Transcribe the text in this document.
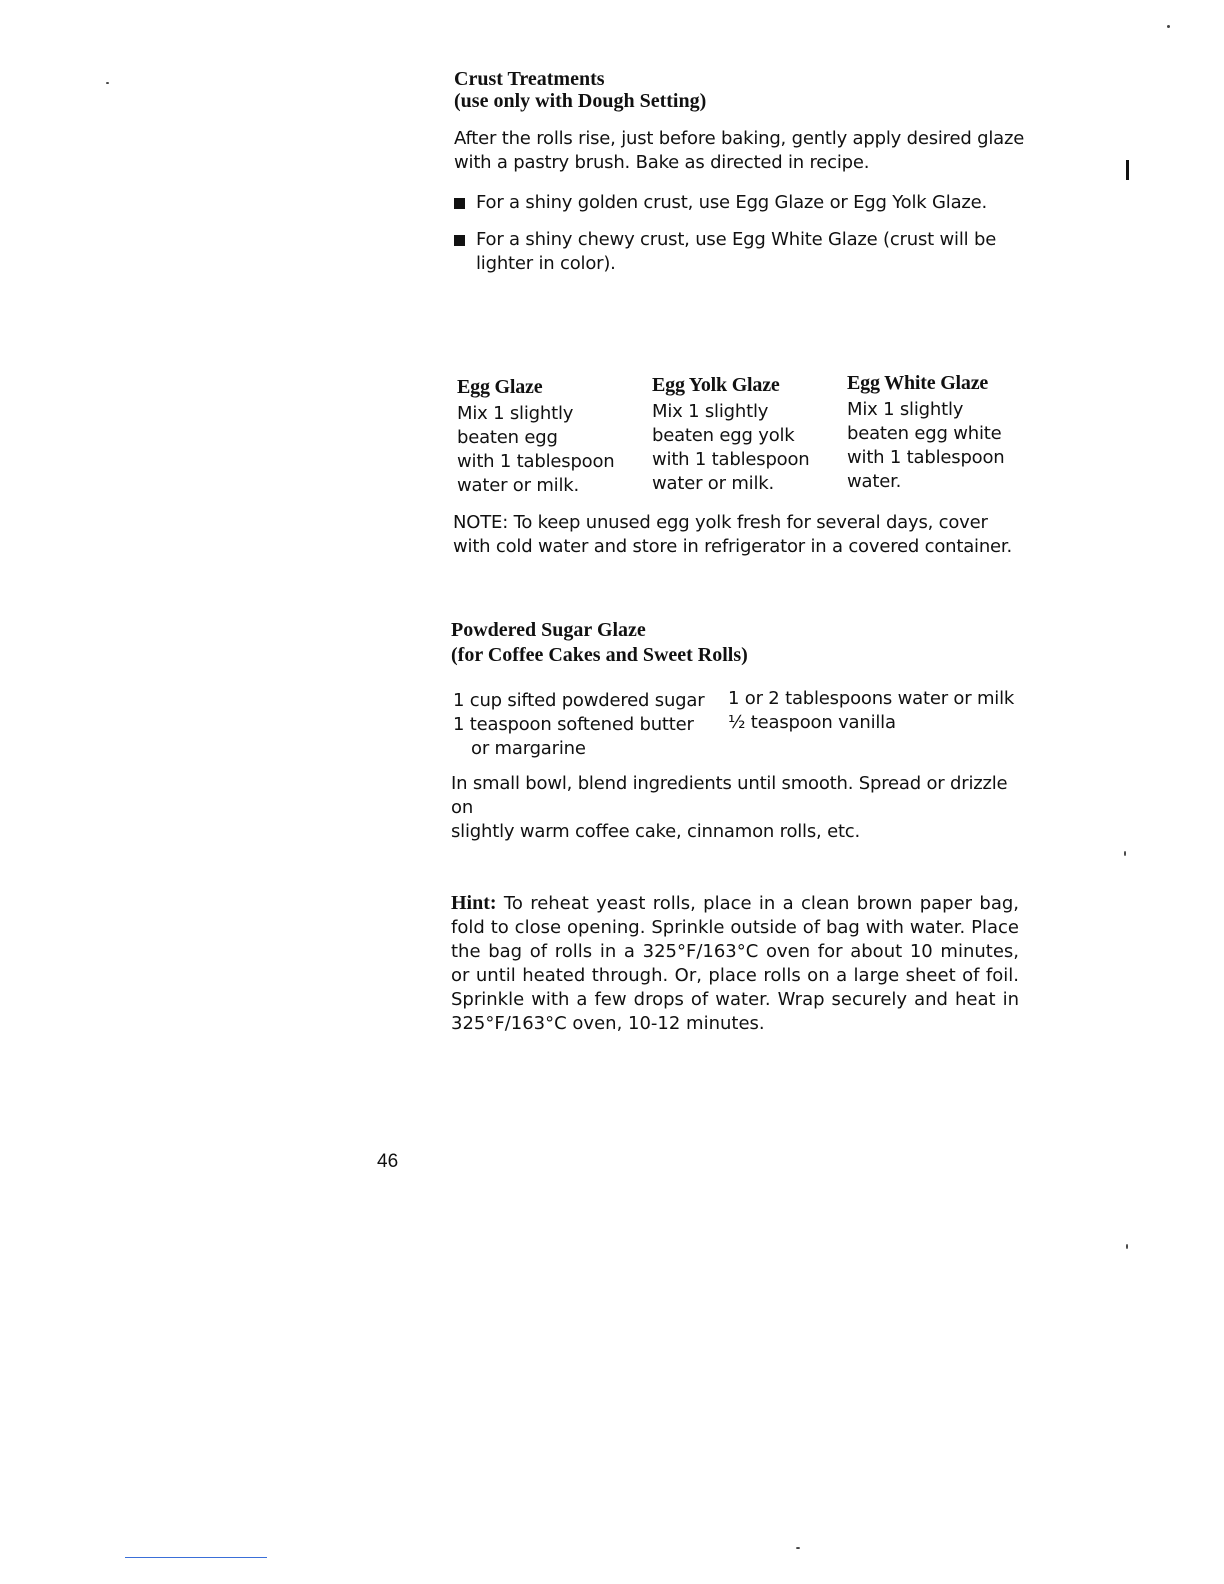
Crust Treatments
(use only with Dough Setting)
After the rolls rise, just before baking, gently apply desired glaze
with a pastry brush. Bake as directed in recipe.
For a shiny golden crust, use Egg Glaze or Egg Yolk Glaze.
For a shiny chewy crust, use Egg White Glaze (crust will be
lighter in color).
Egg Glaze
Mix 1 slightly
beaten egg
with 1 tablespoon
water or milk.
Egg Yolk Glaze
Mix 1 slightly
beaten egg yolk
with 1 tablespoon
water or milk.
Egg White Glaze
Mix 1 slightly
beaten egg white
with 1 tablespoon
water.
NOTE: To keep unused egg yolk fresh for several days, cover
with cold water and store in refrigerator in a covered container.
Powdered Sugar Glaze
(for Coffee Cakes and Sweet Rolls)
1 cup sifted powdered sugar
1 teaspoon softened butter
or margarine
1 or 2 tablespoons water or milk
½ teaspoon vanilla
In small bowl, blend ingredients until smooth. Spread or drizzle on
slightly warm coffee cake, cinnamon rolls, etc.
Hint: To reheat yeast rolls, place in a clean brown paper bag, fold to close opening. Sprinkle outside of bag with water. Place the bag of rolls in a 325°F/163°C oven for about 10 minutes, or until heated through. Or, place rolls on a large sheet of foil. Sprinkle with a few drops of water. Wrap securely and heat in 325°F/163°C oven, 10-12 minutes.
46
